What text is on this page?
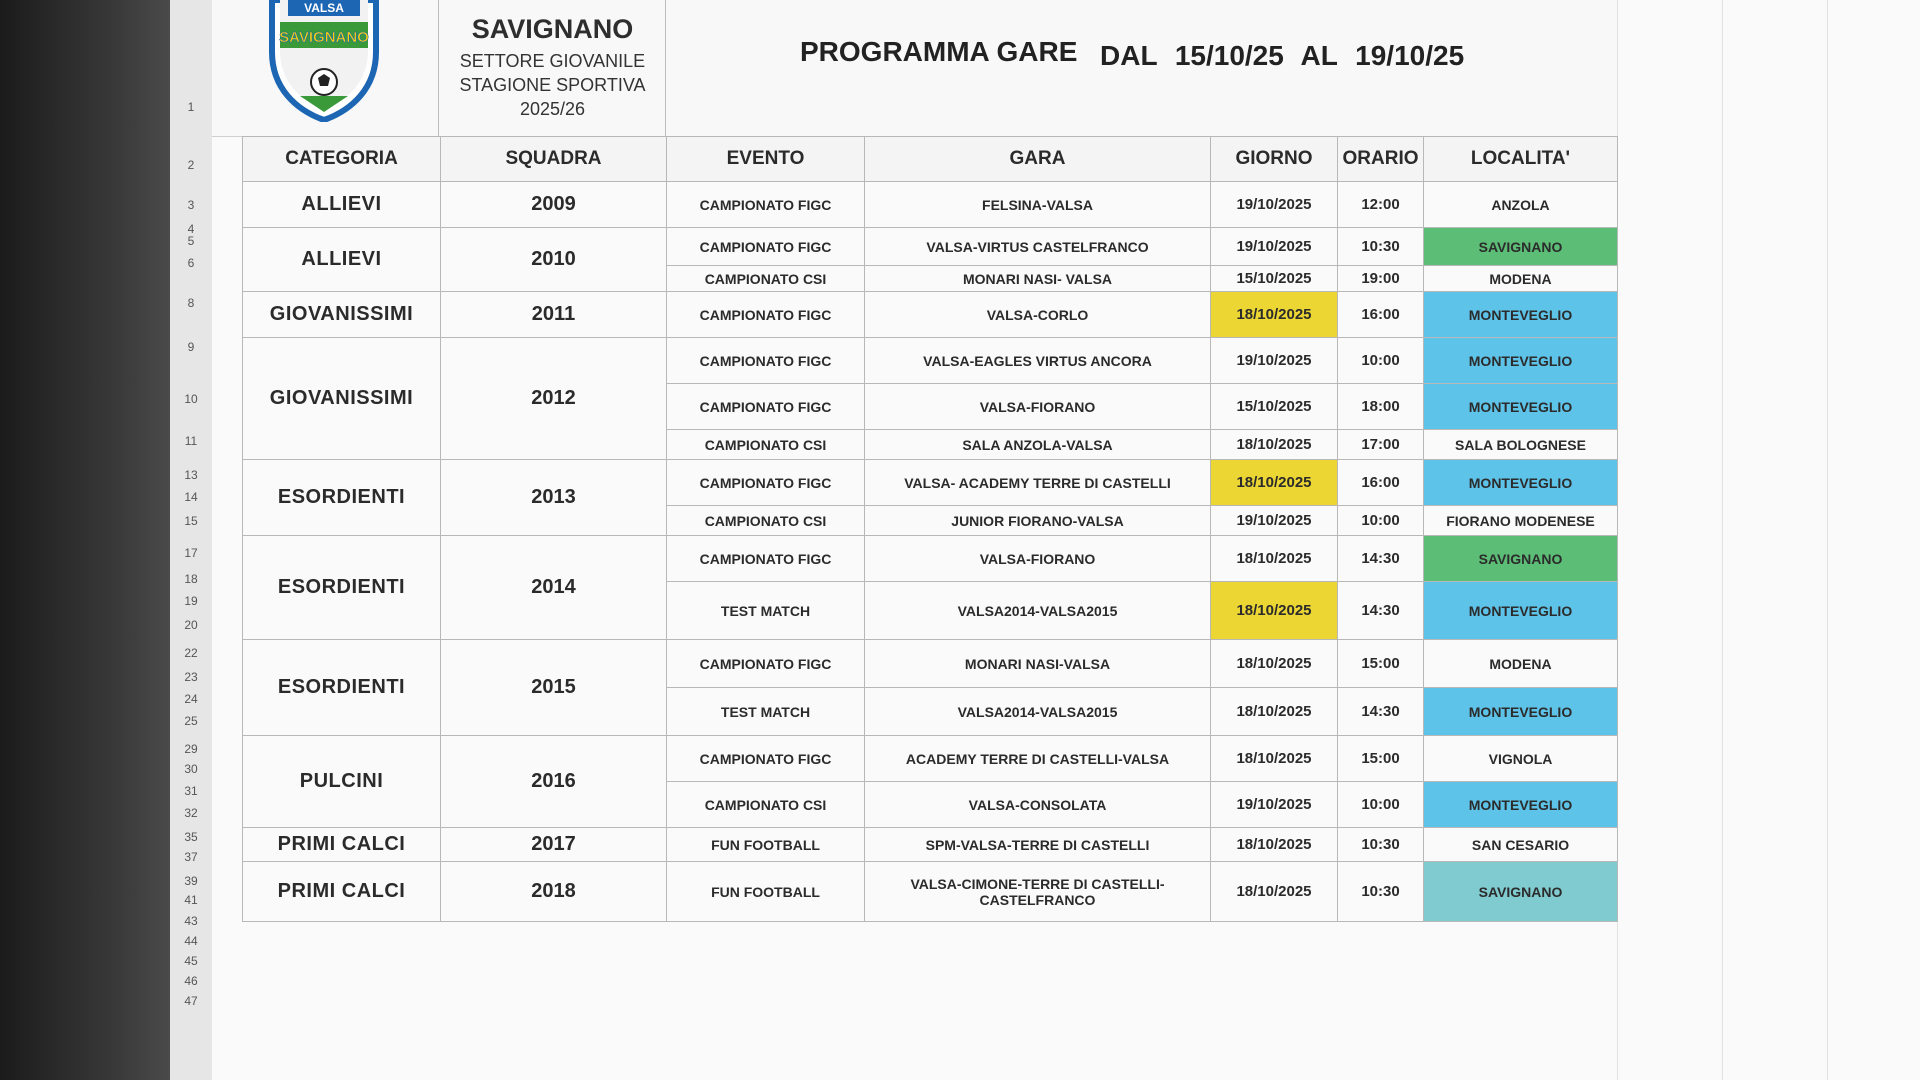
1
2
3
4
5
6
8
9
10
11
13
14
15
17
18
19
20
22
23
24
25
29
30
31
32
35
37
39
41
43
44
45
46
47
VALSA
SAVIGNANO	SAVIGNANO
SETTORE GIOVANILE
STAGIONE SPORTIVA
2025/26
PROGRAMMA GARE DAL 15/10/25 AL 19/10/25
CATEGORIA	SQUADRA	EVENTO	GARA	GIORNO	ORARIO	LOCALITA'
ALLIEVI	2009	CAMPIONATO FIGC	FELSINA-VALSA	19/10/2025	12:00	ANZOLA
ALLIEVI	2010	CAMPIONATO FIGC	VALSA-VIRTUS CASTELFRANCO	19/10/2025	10:30	SAVIGNANO
		CAMPIONATO CSI	MONARI NASI- VALSA	15/10/2025	19:00	MODENA
GIOVANISSIMI	2011	CAMPIONATO FIGC	VALSA-CORLO	18/10/2025	16:00	MONTEVEGLIO
GIOVANISSIMI	2012	CAMPIONATO FIGC	VALSA-EAGLES VIRTUS ANCORA	19/10/2025	10:00	MONTEVEGLIO
		CAMPIONATO FIGC	VALSA-FIORANO	15/10/2025	18:00	MONTEVEGLIO
		CAMPIONATO CSI	SALA ANZOLA-VALSA	18/10/2025	17:00	SALA BOLOGNESE
ESORDIENTI	2013	CAMPIONATO FIGC	VALSA- ACADEMY TERRE DI CASTELLI	18/10/2025	16:00	MONTEVEGLIO
		CAMPIONATO CSI	JUNIOR FIORANO-VALSA	19/10/2025	10:00	FIORANO MODENESE
ESORDIENTI	2014	CAMPIONATO FIGC	VALSA-FIORANO	18/10/2025	14:30	SAVIGNANO
		TEST MATCH	VALSA2014-VALSA2015	18/10/2025	14:30	MONTEVEGLIO
ESORDIENTI	2015	CAMPIONATO FIGC	MONARI NASI-VALSA	18/10/2025	15:00	MODENA
		TEST MATCH	VALSA2014-VALSA2015	18/10/2025	14:30	MONTEVEGLIO
PULCINI	2016	CAMPIONATO FIGC	ACADEMY TERRE DI CASTELLI-VALSA	18/10/2025	15:00	VIGNOLA
		CAMPIONATO CSI	VALSA-CONSOLATA	19/10/2025	10:00	MONTEVEGLIO
PRIMI CALCI	2017	FUN FOOTBALL	SPM-VALSA-TERRE DI CASTELLI	18/10/2025	10:30	SAN CESARIO
PRIMI CALCI	2018	FUN FOOTBALL	VALSA-CIMONE-TERRE DI CASTELLI-CASTELFRANCO	18/10/2025	10:30	SAVIGNANO
